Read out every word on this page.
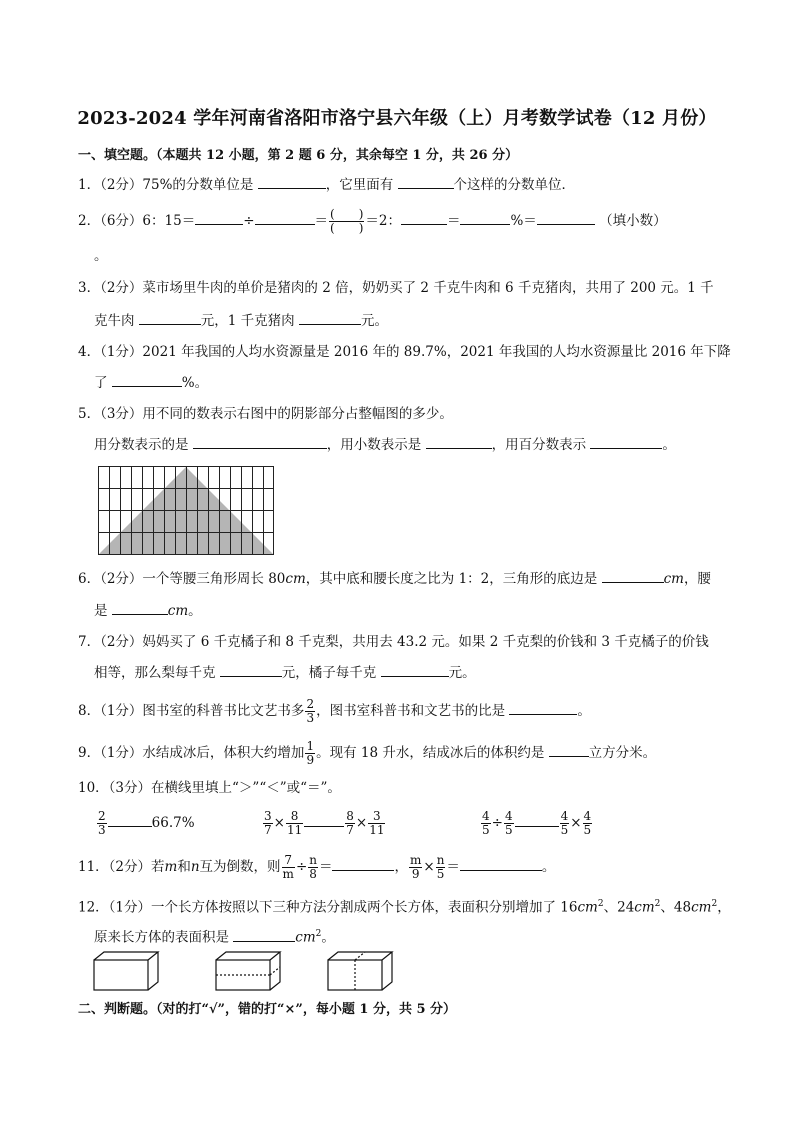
2023-2024 学年河南省洛阳市洛宁县六年级（上）月考数学试卷（12 月份）
一、填空题。（本题共 12 小题，第 2 题 6 分，其余每空 1 分，共 26 分）
1．（2分）75%的分数单位是	，它里面有	个这样的分数单位．
2．（6分）6：15＝	÷	＝ $\frac{( )}{( )} =2$：	＝	%＝	（填小数）
。
3．（2分）菜市场里牛肉的单价是猪肉的 2 倍，奶奶买了 2 千克牛肉和 6 千克猪肉，共用了 200 元。1 千
克牛肉	元，1 千克猪肉	元。
4．（1分）2021 年我国的人均水资源量是 2016 年的 89.7%，2021 年我国的人均水资源量比 2016 年下降
了	%。
5．（3分）用不同的数表示右图中的阴影部分占整幅图的多少。
用分数表示的是	，用小数表示是	，用百分数表示	。
6．（2分）一个等腰三角形周长 80cm，其中底和腰长度之比为 1：2，三角形的底边是	cm，腰
是	cm。
7．（2分）妈妈买了 6 千克橘子和 8 千克梨，共用去 43.2 元。如果 2 千克梨的价钱和 3 千克橘子的价钱
相等，那么梨每千克	元，橘子每千克	元。
8．（1分）图书室的科普书比文艺书多 $\frac{2}{3}$ ，图书室科普书和文艺书的比是	。
9．（1分）水结成冰后，体积大约增加 $\frac{1}{9}$ 。现有 18 升水，结成冰后的体积约是	立方分米。
10．（3分）在横线里填上“＞”“＜”或“＝”。
$\frac{2}{3}$	66.7%	$\frac{3}{7} \times \frac{8}{11}$	$\frac{8}{7} \times \frac{3}{11}$	$\frac{4}{5} \div \frac{4}{5}$	$\frac{4}{5} \times \frac{4}{5}$
11．（2分）若m和n互为倒数，则 $\frac{7}{m} \div \frac{n}{8}$ ＝	， $\frac{m}{9} \times \frac{n}{5}$ ＝	。
12．（1分）一个长方体按照以下三种方法分割成两个长方体，表面积分别增加了 $16cm^2$、$24cm^2$、$48cm^2$，
原来长方体的表面积是	$cm^2$。
二、判断题。（对的打“√”，错的打“×”，每小题 1 分，共 5 分）
